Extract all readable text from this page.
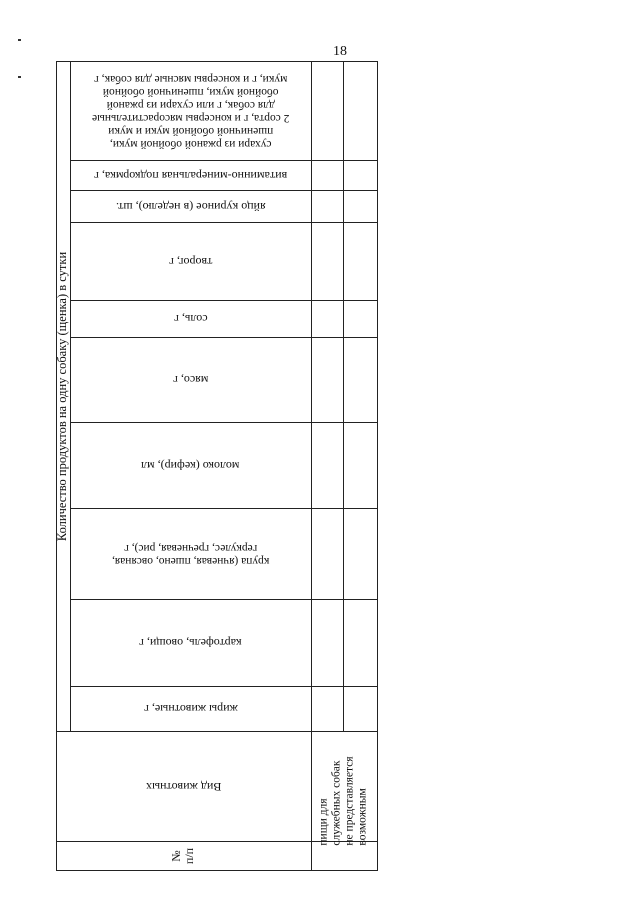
18
Количество продуктов на одну собаку (щенка) в сутки
сухари из ржаной обойной муки,
пшеничной обойной муки и муки
2 сорта, г и консервы мясорастительные
для собак, г или сухари из ржаной
обойной муки, пшеничной обойной
муки, г и консервы мясные для собак, г
витаминно-минеральная подкормка, г
яйцо куриное (в неделю), шт.
творог, г
соль, г
мясо, г
молоко (кефир), мл
крупа (ячневая, пшено, овсяная,
геркулес, гречневая, рис), г
картофель, овощи, г
жиры животные, г
Вид животных
№ п/п
пищи для служебных собак не представляется возможным
